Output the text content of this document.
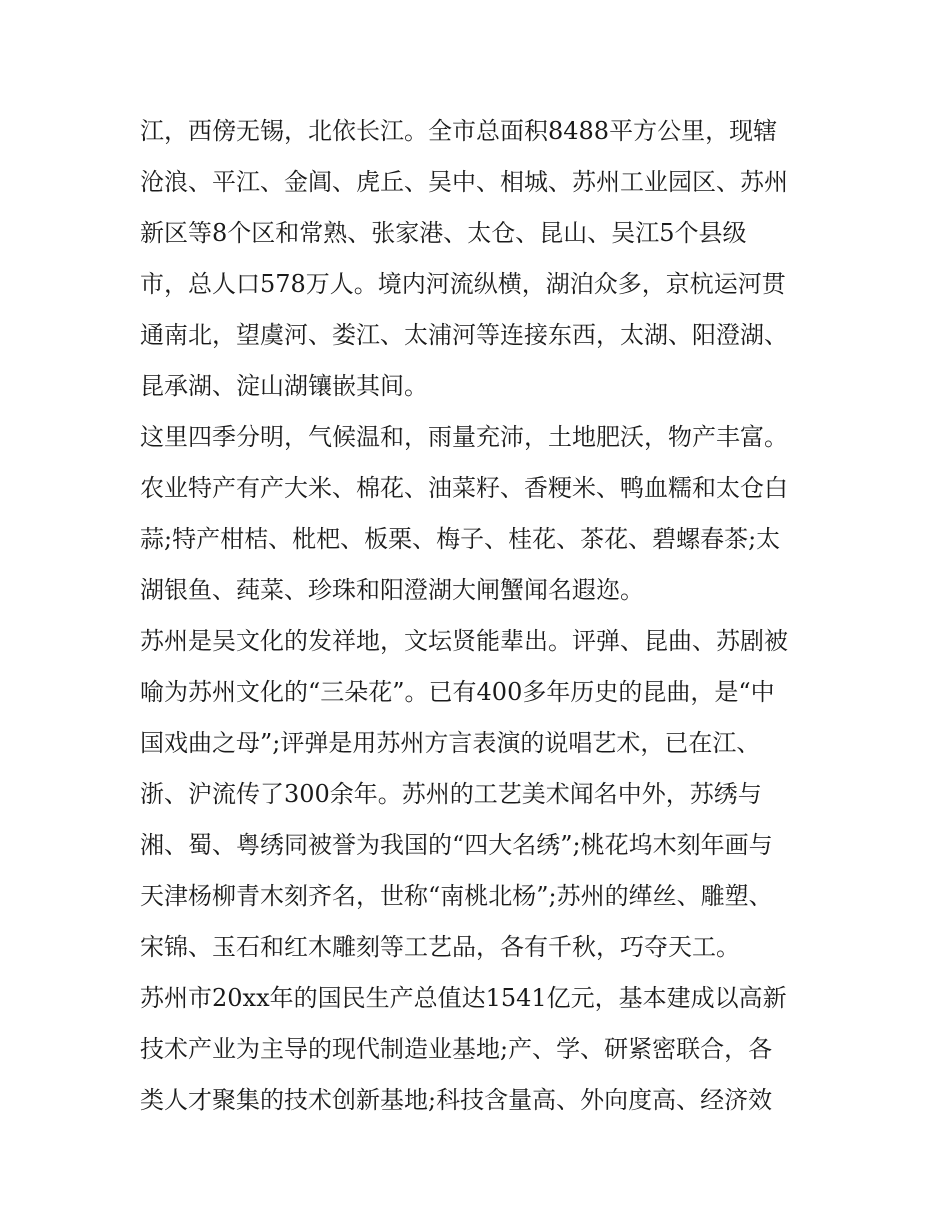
江，西傍无锡，北依长江。全市总面积8488平方公里，现辖
沧浪、平江、金阊、虎丘、吴中、相城、苏州工业园区、苏州
新区等8个区和常熟、张家港、太仓、昆山、吴江5个县级
市，总人口578万人。境内河流纵横，湖泊众多，京杭运河贯
通南北，望虞河、娄江、太浦河等连接东西，太湖、阳澄湖、
昆承湖、淀山湖镶嵌其间。
这里四季分明，气候温和，雨量充沛，土地肥沃，物产丰富。
农业特产有产大米、棉花、油菜籽、香粳米、鸭血糯和太仓白
蒜;特产柑桔、枇杷、板栗、梅子、桂花、茶花、碧螺春茶;太
湖银鱼、莼菜、珍珠和阳澄湖大闸蟹闻名遐迩。
苏州是吴文化的发祥地，文坛贤能辈出。评弹、昆曲、苏剧被
喻为苏州文化的“三朵花”。已有400多年历史的昆曲，是“中
国戏曲之母”;评弹是用苏州方言表演的说唱艺术，已在江、
浙、沪流传了300余年。苏州的工艺美术闻名中外，苏绣与
湘、蜀、粤绣同被誉为我国的“四大名绣”;桃花坞木刻年画与
天津杨柳青木刻齐名，世称“南桃北杨”;苏州的缂丝、雕塑、
宋锦、玉石和红木雕刻等工艺品，各有千秋，巧夺天工。
苏州市20xx年的国民生产总值达1541亿元，基本建成以高新
技术产业为主导的现代制造业基地;产、学、研紧密联合，各
类人才聚集的技术创新基地;科技含量高、外向度高、经济效
